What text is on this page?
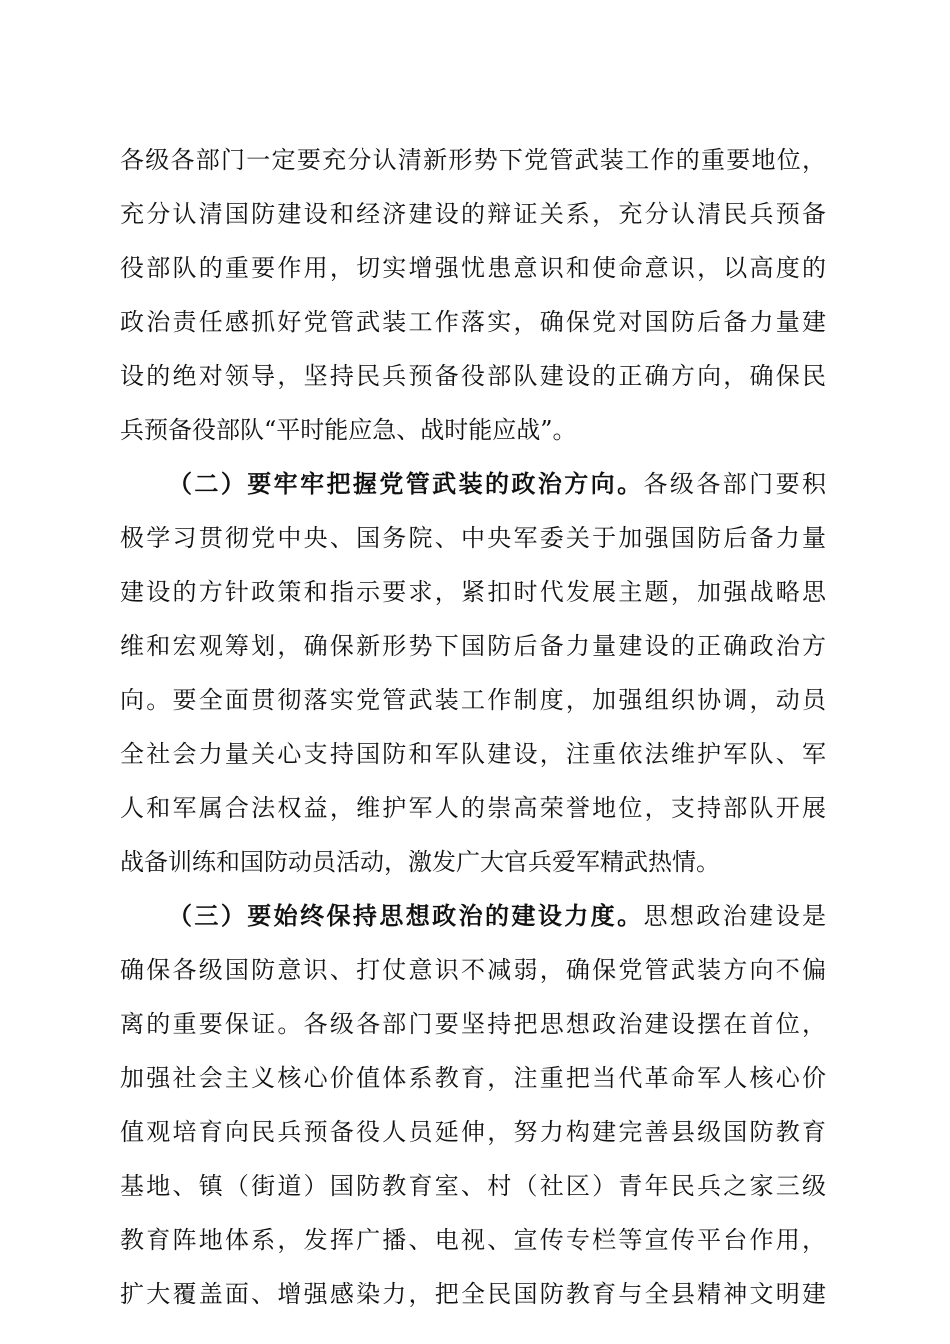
各级各部门一定要充分认清新形势下党管武装工作的重要地位，
充分认清国防建设和经济建设的辩证关系，充分认清民兵预备
役部队的重要作用，切实增强忧患意识和使命意识，以高度的
政治责任感抓好党管武装工作落实，确保党对国防后备力量建
设的绝对领导，坚持民兵预备役部队建设的正确方向，确保民
兵预备役部队“平时能应急、战时能应战”。
（二）要牢牢把握党管武装的政治方向。各级各部门要积
极学习贯彻党中央、国务院、中央军委关于加强国防后备力量
建设的方针政策和指示要求，紧扣时代发展主题，加强战略思
维和宏观筹划，确保新形势下国防后备力量建设的正确政治方
向。要全面贯彻落实党管武装工作制度，加强组织协调，动员
全社会力量关心支持国防和军队建设，注重依法维护军队、军
人和军属合法权益，维护军人的崇高荣誉地位，支持部队开展
战备训练和国防动员活动，激发广大官兵爱军精武热情。
（三）要始终保持思想政治的建设力度。思想政治建设是
确保各级国防意识、打仗意识不减弱，确保党管武装方向不偏
离的重要保证。各级各部门要坚持把思想政治建设摆在首位，
加强社会主义核心价值体系教育，注重把当代革命军人核心价
值观培育向民兵预备役人员延伸，努力构建完善县级国防教育
基地、镇（街道）国防教育室、村（社区）青年民兵之家三级
教育阵地体系，发挥广播、电视、宣传专栏等宣传平台作用，
扩大覆盖面、增强感染力，把全民国防教育与全县精神文明建
